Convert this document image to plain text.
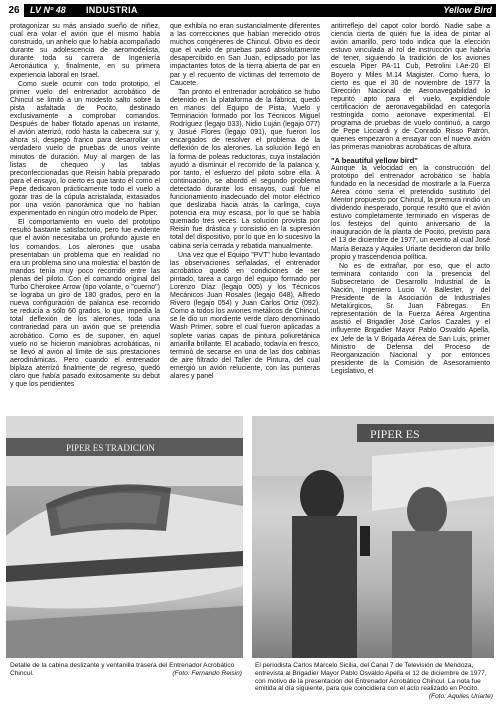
26	LV Nº 48 INDUSTRIA	Yellow Bird

protagonizar su más ansiado sueño de niñez, cual era volar el avión que él mismo había construido, un anhelo que lo había acompañado durante su adolescencia de aeromodelista, durante toda su carrera de Ingeniería Aeronáutica y, finalmente, en su primera experiencia laboral en Israel.

Como suele ocurrir con todo prototipo, el primer vuelo del entrenador acrobático de Chincul se limitó a un modesto salto sobre la pista asfaltada de Pocito, destinado exclusivamente a comprobar comandos. Después de haber flotado apenas un instante, el avión aterrizó, rodó hasta la cabecera sur y, ahora sí, despegó franco para desarrollar un verdadero vuelo de pruebas de unos veinte minutos de duración. Muy al margen de las listas de chequeo y las tablas preconfeccionadas que Reisin había preparado para el ensayo, lo cierto es que tanto él como el Pepe dedicaron prácticamente todo el vuelo a gozar tras de la cúpula acristalada, extasiados por una visión panorámica que no habían experimentado en ningún otro modelo de Piper.

El comportamiento en vuelo del prototipo resultó bastante satisfactorio, pero fue evidente que el avión necesitaba un profundo ajuste en los comandos. Los alerones que usaba presentaban un problema que en realidad no era un problema sino una molestia: el bastón de mandos tenía muy poco recorrido entre las plenas del piloto. Con el comando original del Turbo Cherokee Arrow (tipo volante, o "cuerno") se lograba un giro de 180 grados, pero en la nueva configuración de palanca ese recorrido se reducía a sólo 60 grados, lo que impedía la total deflexión de los alerones, toda una contrariedad para un avión que se pretendía acrobático. Como es de suponer, en aquel vuelo no se hicieron maniobras acrobáticas, ni se llevó al avión al límite de sus prestaciones aerodinámicas. Pero cuando el entrenador biplaza aterrizó finalmente de regreso, quedó claro que había pasado exitosamente su debut y que los pendientes

que exhibía no eran sustancialmente diferentes a las correcciones que habían merecido otros muchos congéneres de Chincul. Obvio es decir que el vuelo de pruebas pasó absolutamente desapercibido en San Juan, eclipsado por las impactantes fotos de la tierra abierta de par en par y el recuento de víctimas del terremoto de Caucete.

Tan pronto el entrenador acrobático se hubo detenido en la plataforma de la fábrica, quedó en manos del Equipo de Pista, Vuelo y Terminación formado por los Técnicos Miguel Rodríguez (legajo 033), Nidio Luján (legajo 077) y Josué Flores (legajo 091), que fueron los encargados de resolver el problema de la deflexión de los alerones. La solución llegó en la forma de poleas reductoras, cuya instalación ayudó a disminuir el recorrido de la palanca y, por tanto, el esfuerzo del piloto sobre ella. A continuación, se abordó el segundo problema detectado durante los ensayos, cual fue el funcionamiento inadecuado del motor eléctrico que deslizaba hacia atrás la carlinga, cuya potencia era muy escasa, por lo que se había quemado tres veces. La solución provista por Reisin fue drástica y consistió en la supresión total del dispositivo, por lo que en lo sucesivo la cabina sería cerrada y rebatida manualmente.

Una vez que el Equipo "PVT" hubo levantado las observaciones señaladas, el entrenador acrobático quedó en condiciones de ser pintado, tarea a cargo del equipo formado por Lorenzo Díaz (legajo 005) y los Técnicos Mecánicos Juan Rosales (legajo 048), Alfredo Rivero (legajo 054) y Juan Carlos Ortiz (092). Como a todos los aviones metálicos de Chincul, se le dio un mordiente verde claro denominado Wash Primer, sobre el cual fueron aplicadas a soplete varias capas de pintura poliuretánica amarilla brillante. El acabado, todavía en fresco, terminó de secarse en una de las dos cabinas de aire filtrado del Taller de Pintura, del cual emergió un avión reluciente, con las punteras alares y panel

antirreflejo del capot color bordó. Nadie sabe a ciencia cierta de quién fue la idea de pintar al avión amarillo, pero todo indica que la elección estuvo vinculada al rol de instrucción que habría de tener, siguiendo la tradición de los aviones escuela Piper PA-11 Cub, Petrolini I.Ae-20 El Boyero y Miles M.14 Magister. Como fuera, lo cierto es que el 30 de noviembre de 1977 la Dirección Nacional de Aeronavegabilidad lo repuntó apto para el vuelo, expidiéndole certificación de aeronavegabilidad en categoría restringida como aeronave experimental. El programa de pruebas de vuelo continuó, a cargo de Pepe Licciardi y de Conrado Risso Patrón, quienes empezaron a ensayar con el nuevo avión las primeras maniobras acrobáticas de altura.

"A beautiful yellow bird"

Aunque la velocidad en la construcción del prototipo del entrenador acrobático se había fundado en la necesidad de mostrarle a la Fuerza Aérea cómo sería el pretendido sustituto del Mentor propuesto por Chincul, la premura rindió un dividendo inesperado, porque resultó que el avión estuvo completamente terminado en vísperas de los festejos del quinto aniversario de la inauguración de la planta de Pocito, previsto para el 13 de diciembre de 1977, un evento al cual José María Beraza y Aquiles Uriarte decidieron dar brillo propio y trascendencia política.

No es de extrañar, por eso, que el acto terminara contando con la presencia del Subsecretario de Desarrollo Industrial de la Nación, Ingeniero Lucio V. Ballester, y del Presidente de la Asociación de Industriales Metalúrgicos, Sr. Juan Fábregas. En representación de la Fuerza Aérea Argentina asistió el Brigadier José Carlos Cazales y el influyente Brigadier Mayor Pablo Osvaldo Apella, ex Jefe de la V Brigada Aérea de San Luis, primer Ministro de Defensa del Proceso de Reorganización Nacional y por entonces presidente de la Comisión de Asesoramiento Legislativo, el

PIPER ES TRADICION
PIPER ES
Detalle de la cabina deslizante y ventanilla trasera del Entrenador Acrobático Chincul.	(Foto: Fernando Reisin)
El periodista Carlos Marcelo Sicilia, del Canal 7 de Televisión de Mendoza, entrevista al Brigadier Mayor Pablo Osvaldo Apella el 12 de diciembre de 1977, con motivo de la presentación del Entrenador Acrobático Chincul. La nota fue emitida al día siguiente, para que coincidiera con el acto realizado en Pocito.
(Foto: Aquiles Uriarte)
